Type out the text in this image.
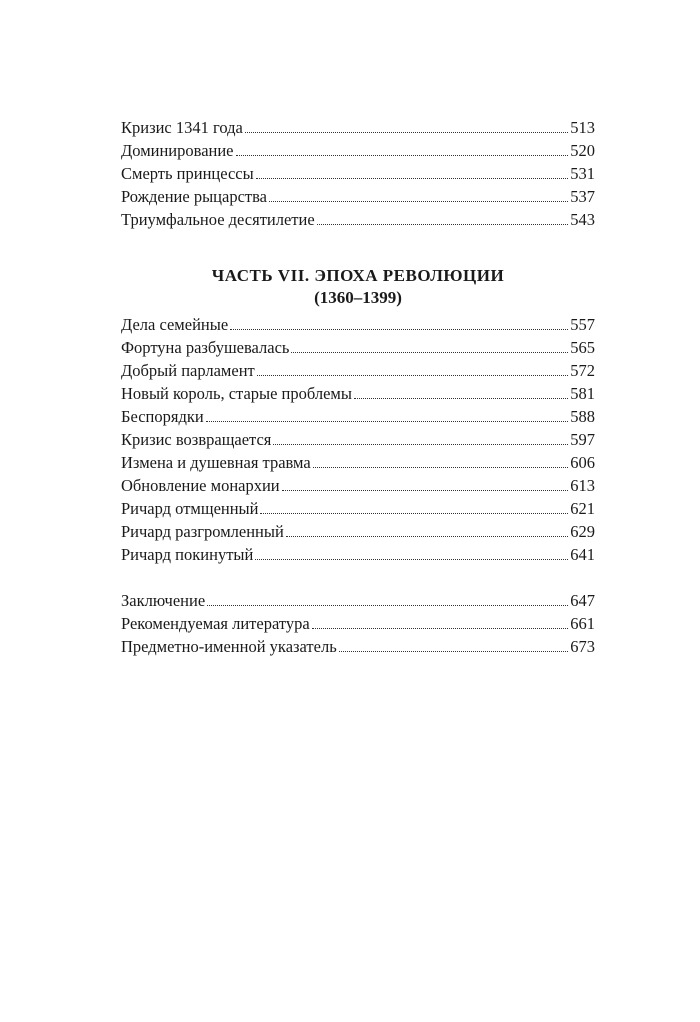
Кризис 1341 года	513
Доминирование	520
Смерть принцессы	531
Рождение рыцарства	537
Триумфальное десятилетие	543
ЧАСТЬ VII. ЭПОХА РЕВОЛЮЦИИ
(1360–1399)
Дела семейные	557
Фортуна разбушевалась	565
Добрый парламент	572
Новый король, старые проблемы	581
Беспорядки	588
Кризис возвращается	597
Измена и душевная травма	606
Обновление монархии	613
Ричард отмщенный	621
Ричард разгромленный	629
Ричард покинутый	641
Заключение	647
Рекомендуемая литература	661
Предметно-именной указатель	673
